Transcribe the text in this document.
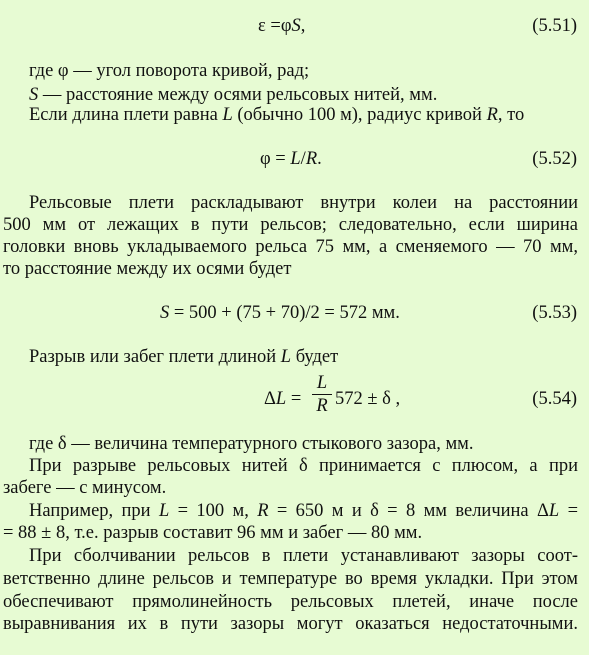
ε =φS,	(5.51)
где φ — угол поворота кривой, рад;
S — расстояние между осями рельсовых нитей, мм.
Если длина плети равна L (обычно 100 м), радиус кривой R, то
φ = L/R.	(5.52)
Рельсовые плети раскладывают внутри колеи на расстоянии
500 мм от лежащих в пути рельсов; следовательно, если ширина
головки вновь укладываемого рельса 75 мм, а сменяемого — 70 мм,
то расстояние между их осями будет
S = 500 + (75 + 70)/2 = 572 мм.	(5.53)
Разрыв или забег плети длиной L будет
ΔL =
L
R 572 ± δ ,	(5.54)
где δ — величина температурного стыкового зазора, мм.
При разрыве рельсовых нитей δ принимается с плюсом, а при
забеге — с минусом.
Например, при L = 100 м, R = 650 м и δ = 8 мм величина ΔL =
= 88 ± 8, т.е. разрыв составит 96 мм и забег — 80 мм.
При сболчивании рельсов в плети устанавливают зазоры соот-
ветственно длине рельсов и температуре во время укладки. При этом
обеспечивают прямолинейность рельсовых плетей, иначе после
выравнивания их в пути зазоры могут оказаться недостаточными.
